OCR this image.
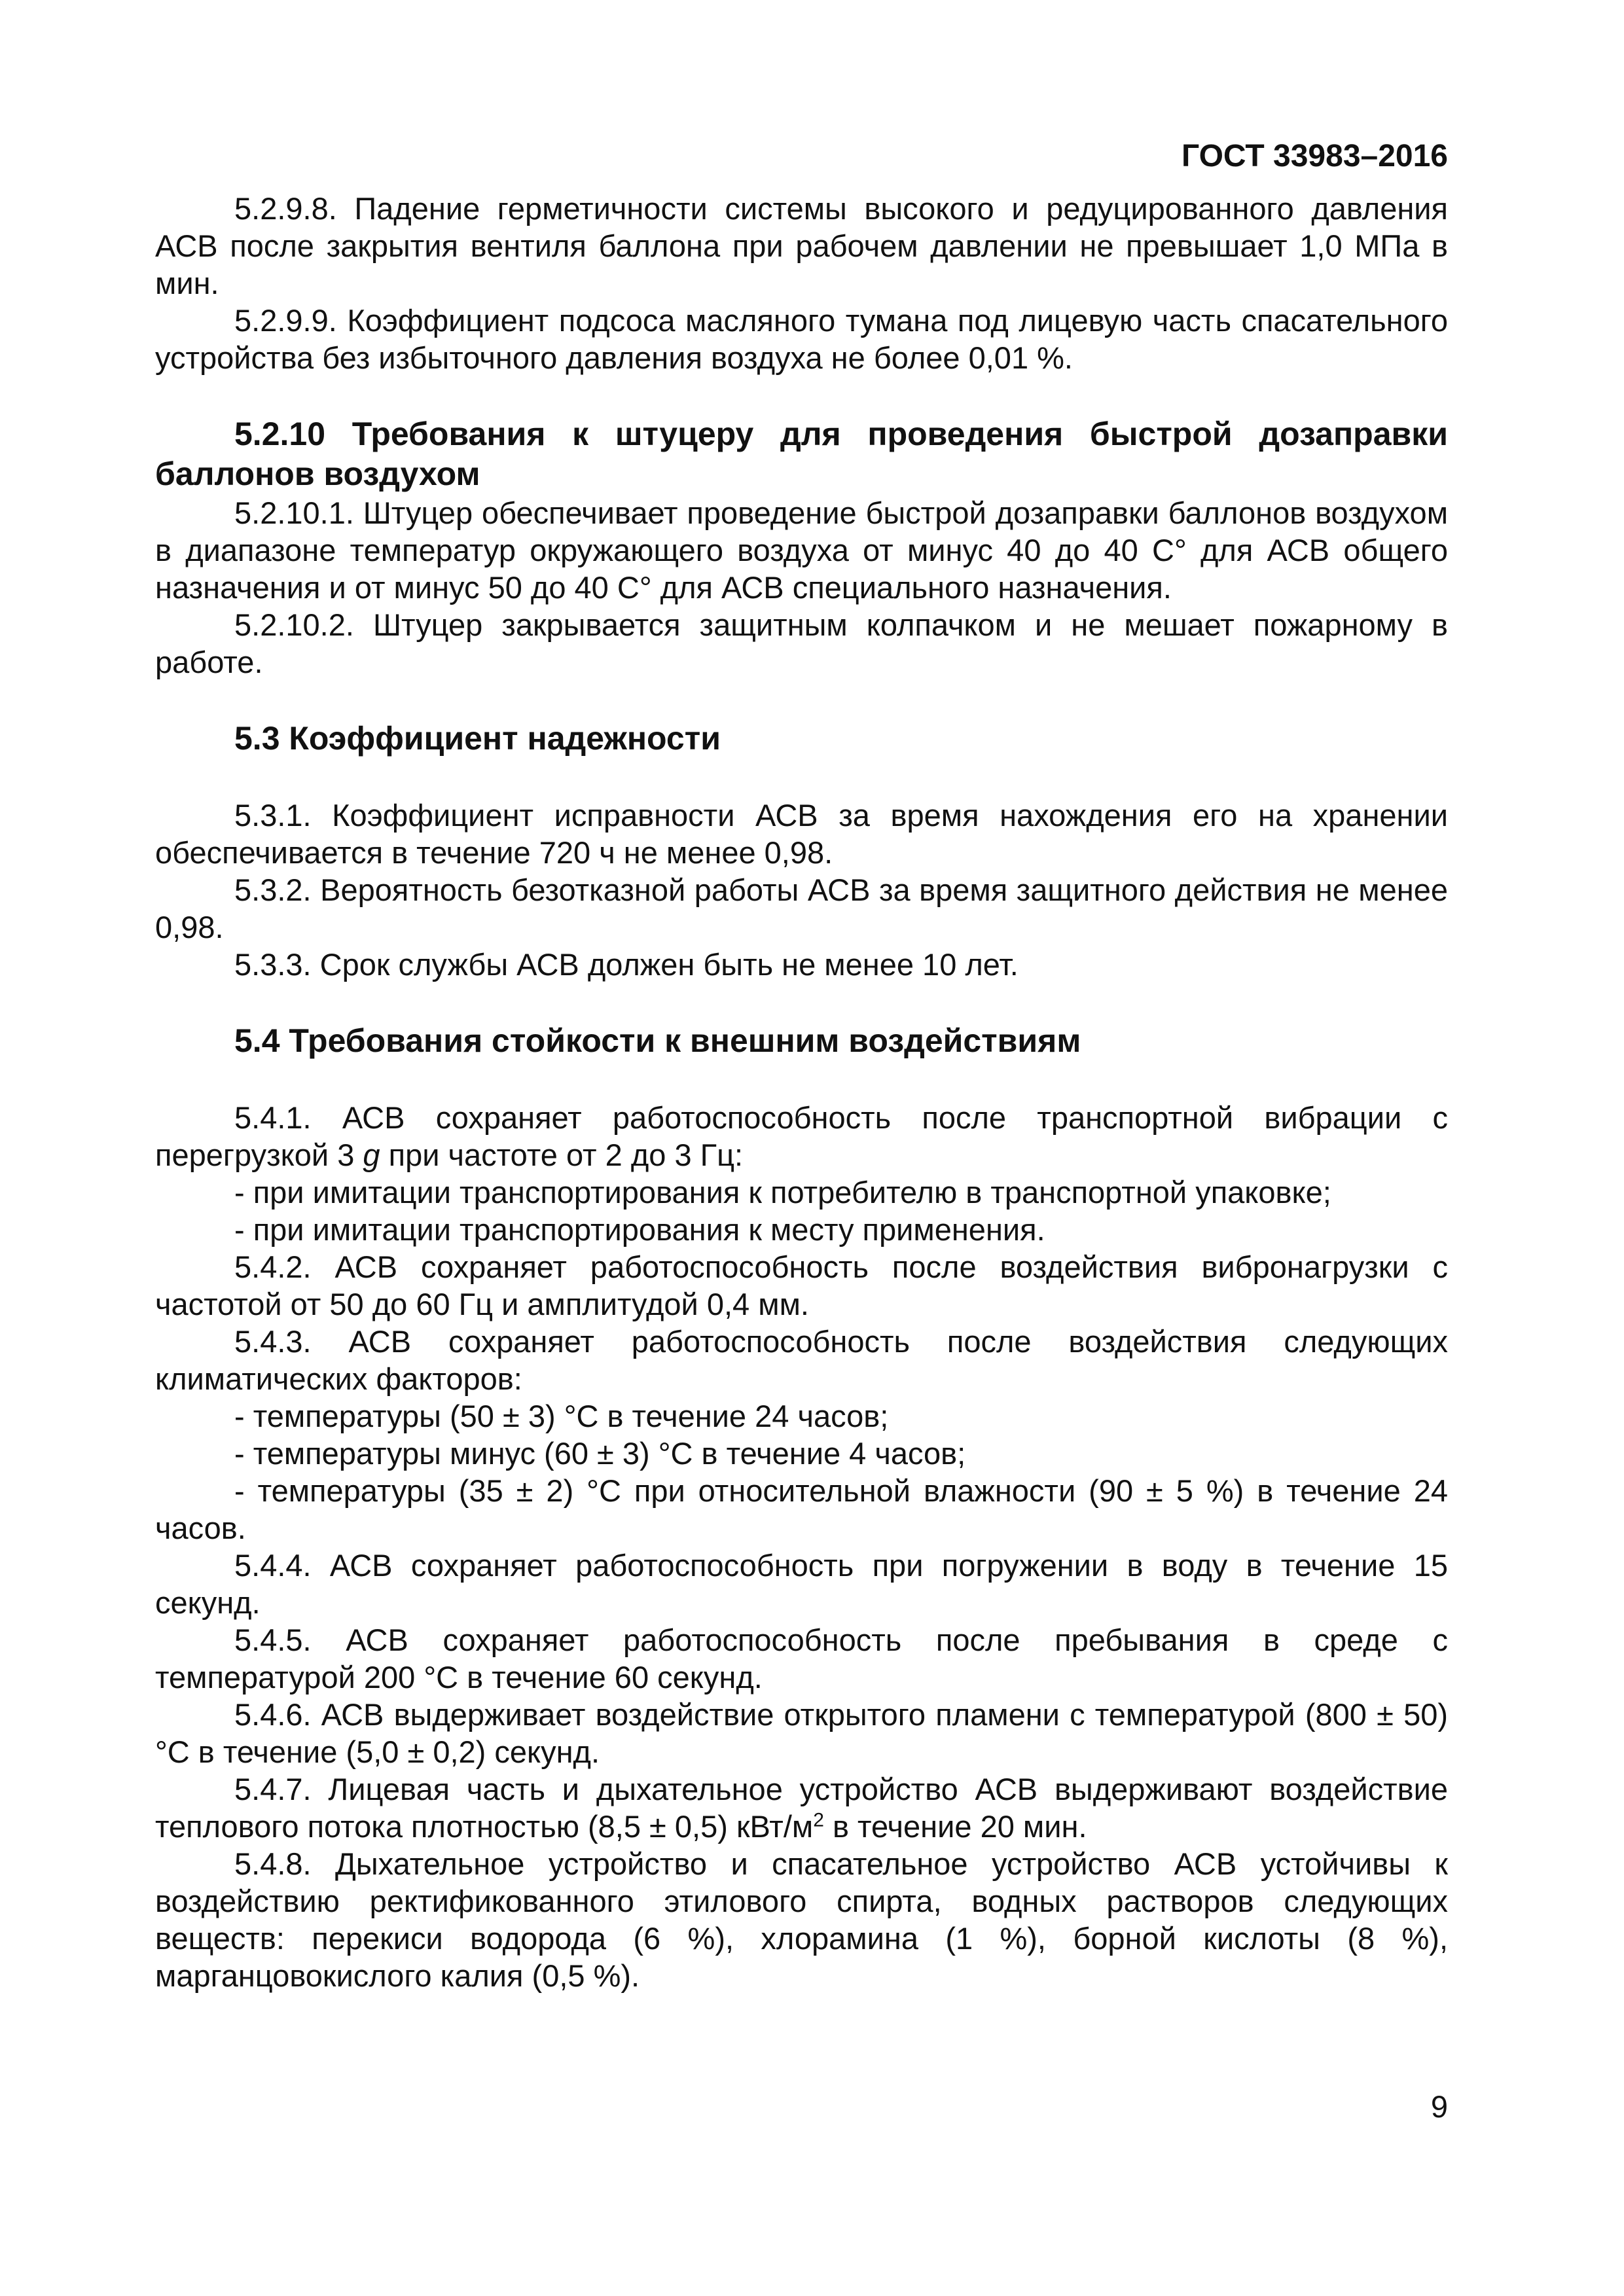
ГОСТ 33983–2016

5.2.9.8. Падение герметичности системы высокого и редуцированного давления АСВ после закрытия вентиля баллона при рабочем давлении не превышает 1,0 МПа в мин.

5.2.9.9. Коэффициент подсоса масляного тумана под лицевую часть спасательного устройства без избыточного давления воздуха не более 0,01 %.

5.2.10 Требования к штуцеру для проведения быстрой дозаправки баллонов воздухом

5.2.10.1. Штуцер обеспечивает проведение быстрой дозаправки баллонов воздухом в диапазоне температур окружающего воздуха от минус 40 до 40 С° для АСВ общего назначения и от минус 50 до 40 С° для АСВ специального назначения.

5.2.10.2. Штуцер закрывается защитным колпачком и не мешает пожарному в работе.

5.3 Коэффициент надежности

5.3.1. Коэффициент исправности АСВ за время нахождения его на хранении обеспечивается в течение 720 ч не менее 0,98.

5.3.2. Вероятность безотказной работы АСВ за время защитного действия не менее 0,98.

5.3.3. Срок службы АСВ должен быть не менее 10 лет.

5.4 Требования стойкости к внешним воздействиям

5.4.1. АСВ сохраняет работоспособность после транспортной вибрации с перегрузкой 3 g при частоте от 2 до 3 Гц:

- при имитации транспортирования к потребителю в транспортной упаковке;

- при имитации транспортирования к месту применения.

5.4.2. АСВ сохраняет работоспособность после воздействия вибронагрузки с частотой от 50 до 60 Гц и амплитудой 0,4 мм.

5.4.3. АСВ сохраняет работоспособность после воздействия следующих климатических факторов:

- температуры (50 ± 3) °С в течение 24 часов;

- температуры минус (60 ± 3) °С в течение 4 часов;

- температуры (35 ± 2) °С при относительной влажности (90 ± 5 %) в течение 24 часов.

5.4.4. АСВ сохраняет работоспособность при погружении в воду в течение 15 секунд.

5.4.5. АСВ сохраняет работоспособность после пребывания в среде с температурой 200 °С в течение 60 секунд.

5.4.6. АСВ выдерживает воздействие открытого пламени с температурой (800 ± 50) °С в течение (5,0 ± 0,2) секунд.

5.4.7. Лицевая часть и дыхательное устройство АСВ выдерживают воздействие теплового потока плотностью (8,5 ± 0,5) кВт/$м^2$ в течение 20 мин.

5.4.8. Дыхательное устройство и спасательное устройство АСВ устойчивы к воздействию ректификованного этилового спирта, водных растворов следующих веществ: перекиси водорода (6 %), хлорамина (1 %), борной кислоты (8 %), марганцовокислого калия (0,5 %).

9
